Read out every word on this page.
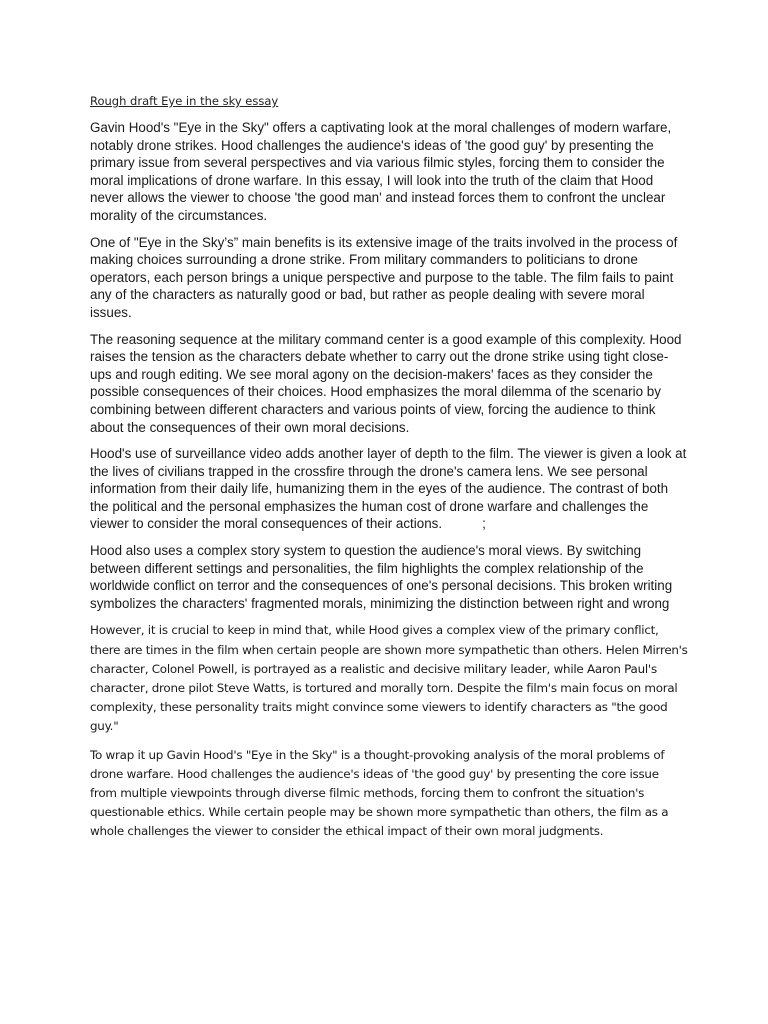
Rough draft Eye in the sky essay

Gavin Hood's "Eye in the Sky" offers a captivating look at the moral challenges of modern warfare, notably drone strikes. Hood challenges the audience's ideas of 'the good guy' by presenting the primary issue from several perspectives and via various filmic styles, forcing them to consider the moral implications of drone warfare. In this essay, I will look into the truth of the claim that Hood never allows the viewer to choose 'the good man' and instead forces them to confront the unclear morality of the circumstances.

One of "Eye in the Sky’s” main benefits is its extensive image of the traits involved in the process of making choices surrounding a drone strike. From military commanders to politicians to drone operators, each person brings a unique perspective and purpose to the table. The film fails to paint any of the characters as naturally good or bad, but rather as people dealing with severe moral issues.

The reasoning sequence at the military command center is a good example of this complexity. Hood raises the tension as the characters debate whether to carry out the drone strike using tight close-ups and rough editing. We see moral agony on the decision-makers' faces as they consider the possible consequences of their choices. Hood emphasizes the moral dilemma of the scenario by combining between different characters and various points of view, forcing the audience to think about the consequences of their own moral decisions.

Hood's use of surveillance video adds another layer of depth to the film. The viewer is given a look at the lives of civilians trapped in the crossfire through the drone's camera lens. We see personal information from their daily life, humanizing them in the eyes of the audience. The contrast of both the political and the personal emphasizes the human cost of drone warfare and challenges the viewer to consider the moral consequences of their actions.	;

Hood also uses a complex story system to question the audience's moral views. By switching between different settings and personalities, the film highlights the complex relationship of the worldwide conflict on terror and the consequences of one's personal decisions. This broken writing symbolizes the characters' fragmented morals, minimizing the distinction between right and wrong

However, it is crucial to keep in mind that, while Hood gives a complex view of the primary conflict, there are times in the film when certain people are shown more sympathetic than others. Helen Mirren's character, Colonel Powell, is portrayed as a realistic and decisive military leader, while Aaron Paul's character, drone pilot Steve Watts, is tortured and morally torn. Despite the film's main focus on moral complexity, these personality traits might convince some viewers to identify characters as "the good guy."

To wrap it up Gavin Hood's "Eye in the Sky" is a thought-provoking analysis of the moral problems of drone warfare. Hood challenges the audience's ideas of 'the good guy' by presenting the core issue from multiple viewpoints through diverse filmic methods, forcing them to confront the situation's questionable ethics. While certain people may be shown more sympathetic than others, the film as a whole challenges the viewer to consider the ethical impact of their own moral judgments.
